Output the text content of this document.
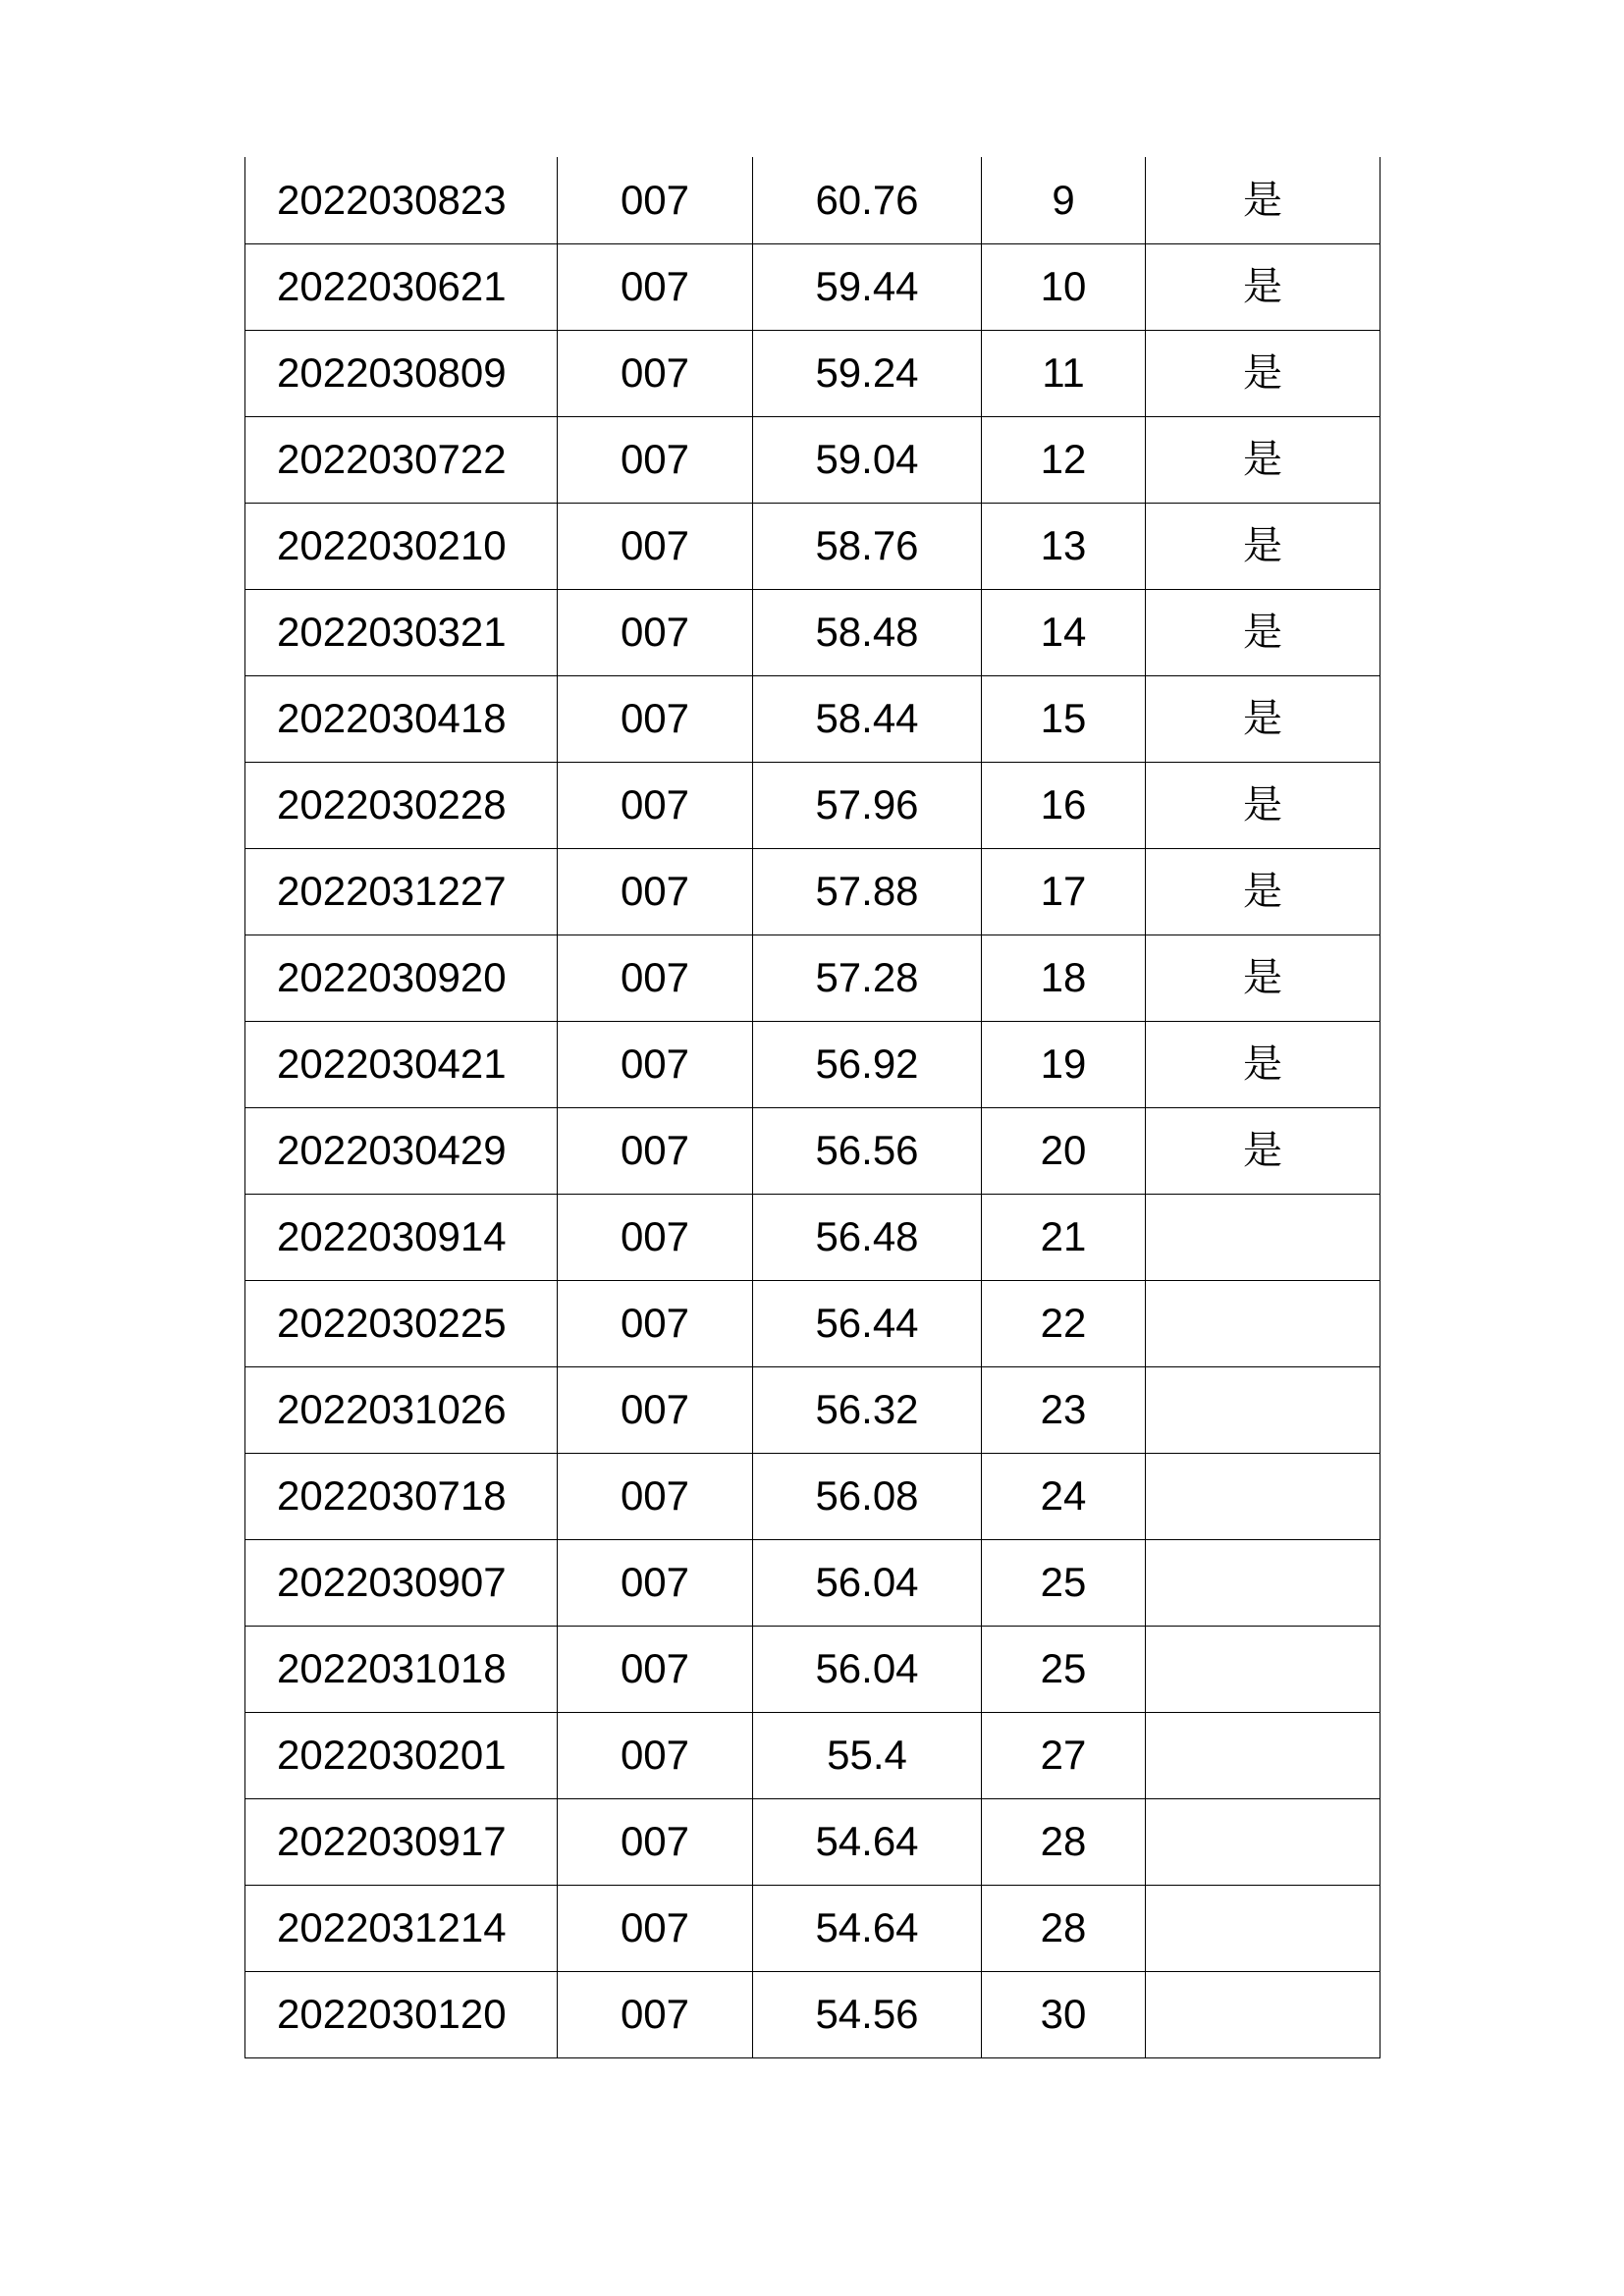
2022030823	007	60.76	9	是
2022030621	007	59.44	10	是
2022030809	007	59.24	11	是
2022030722	007	59.04	12	是
2022030210	007	58.76	13	是
2022030321	007	58.48	14	是
2022030418	007	58.44	15	是
2022030228	007	57.96	16	是
2022031227	007	57.88	17	是
2022030920	007	57.28	18	是
2022030421	007	56.92	19	是
2022030429	007	56.56	20	是
2022030914	007	56.48	21	
2022030225	007	56.44	22	
2022031026	007	56.32	23	
2022030718	007	56.08	24	
2022030907	007	56.04	25	
2022031018	007	56.04	25	
2022030201	007	55.4	27	
2022030917	007	54.64	28	
2022031214	007	54.64	28	
2022030120	007	54.56	30	
